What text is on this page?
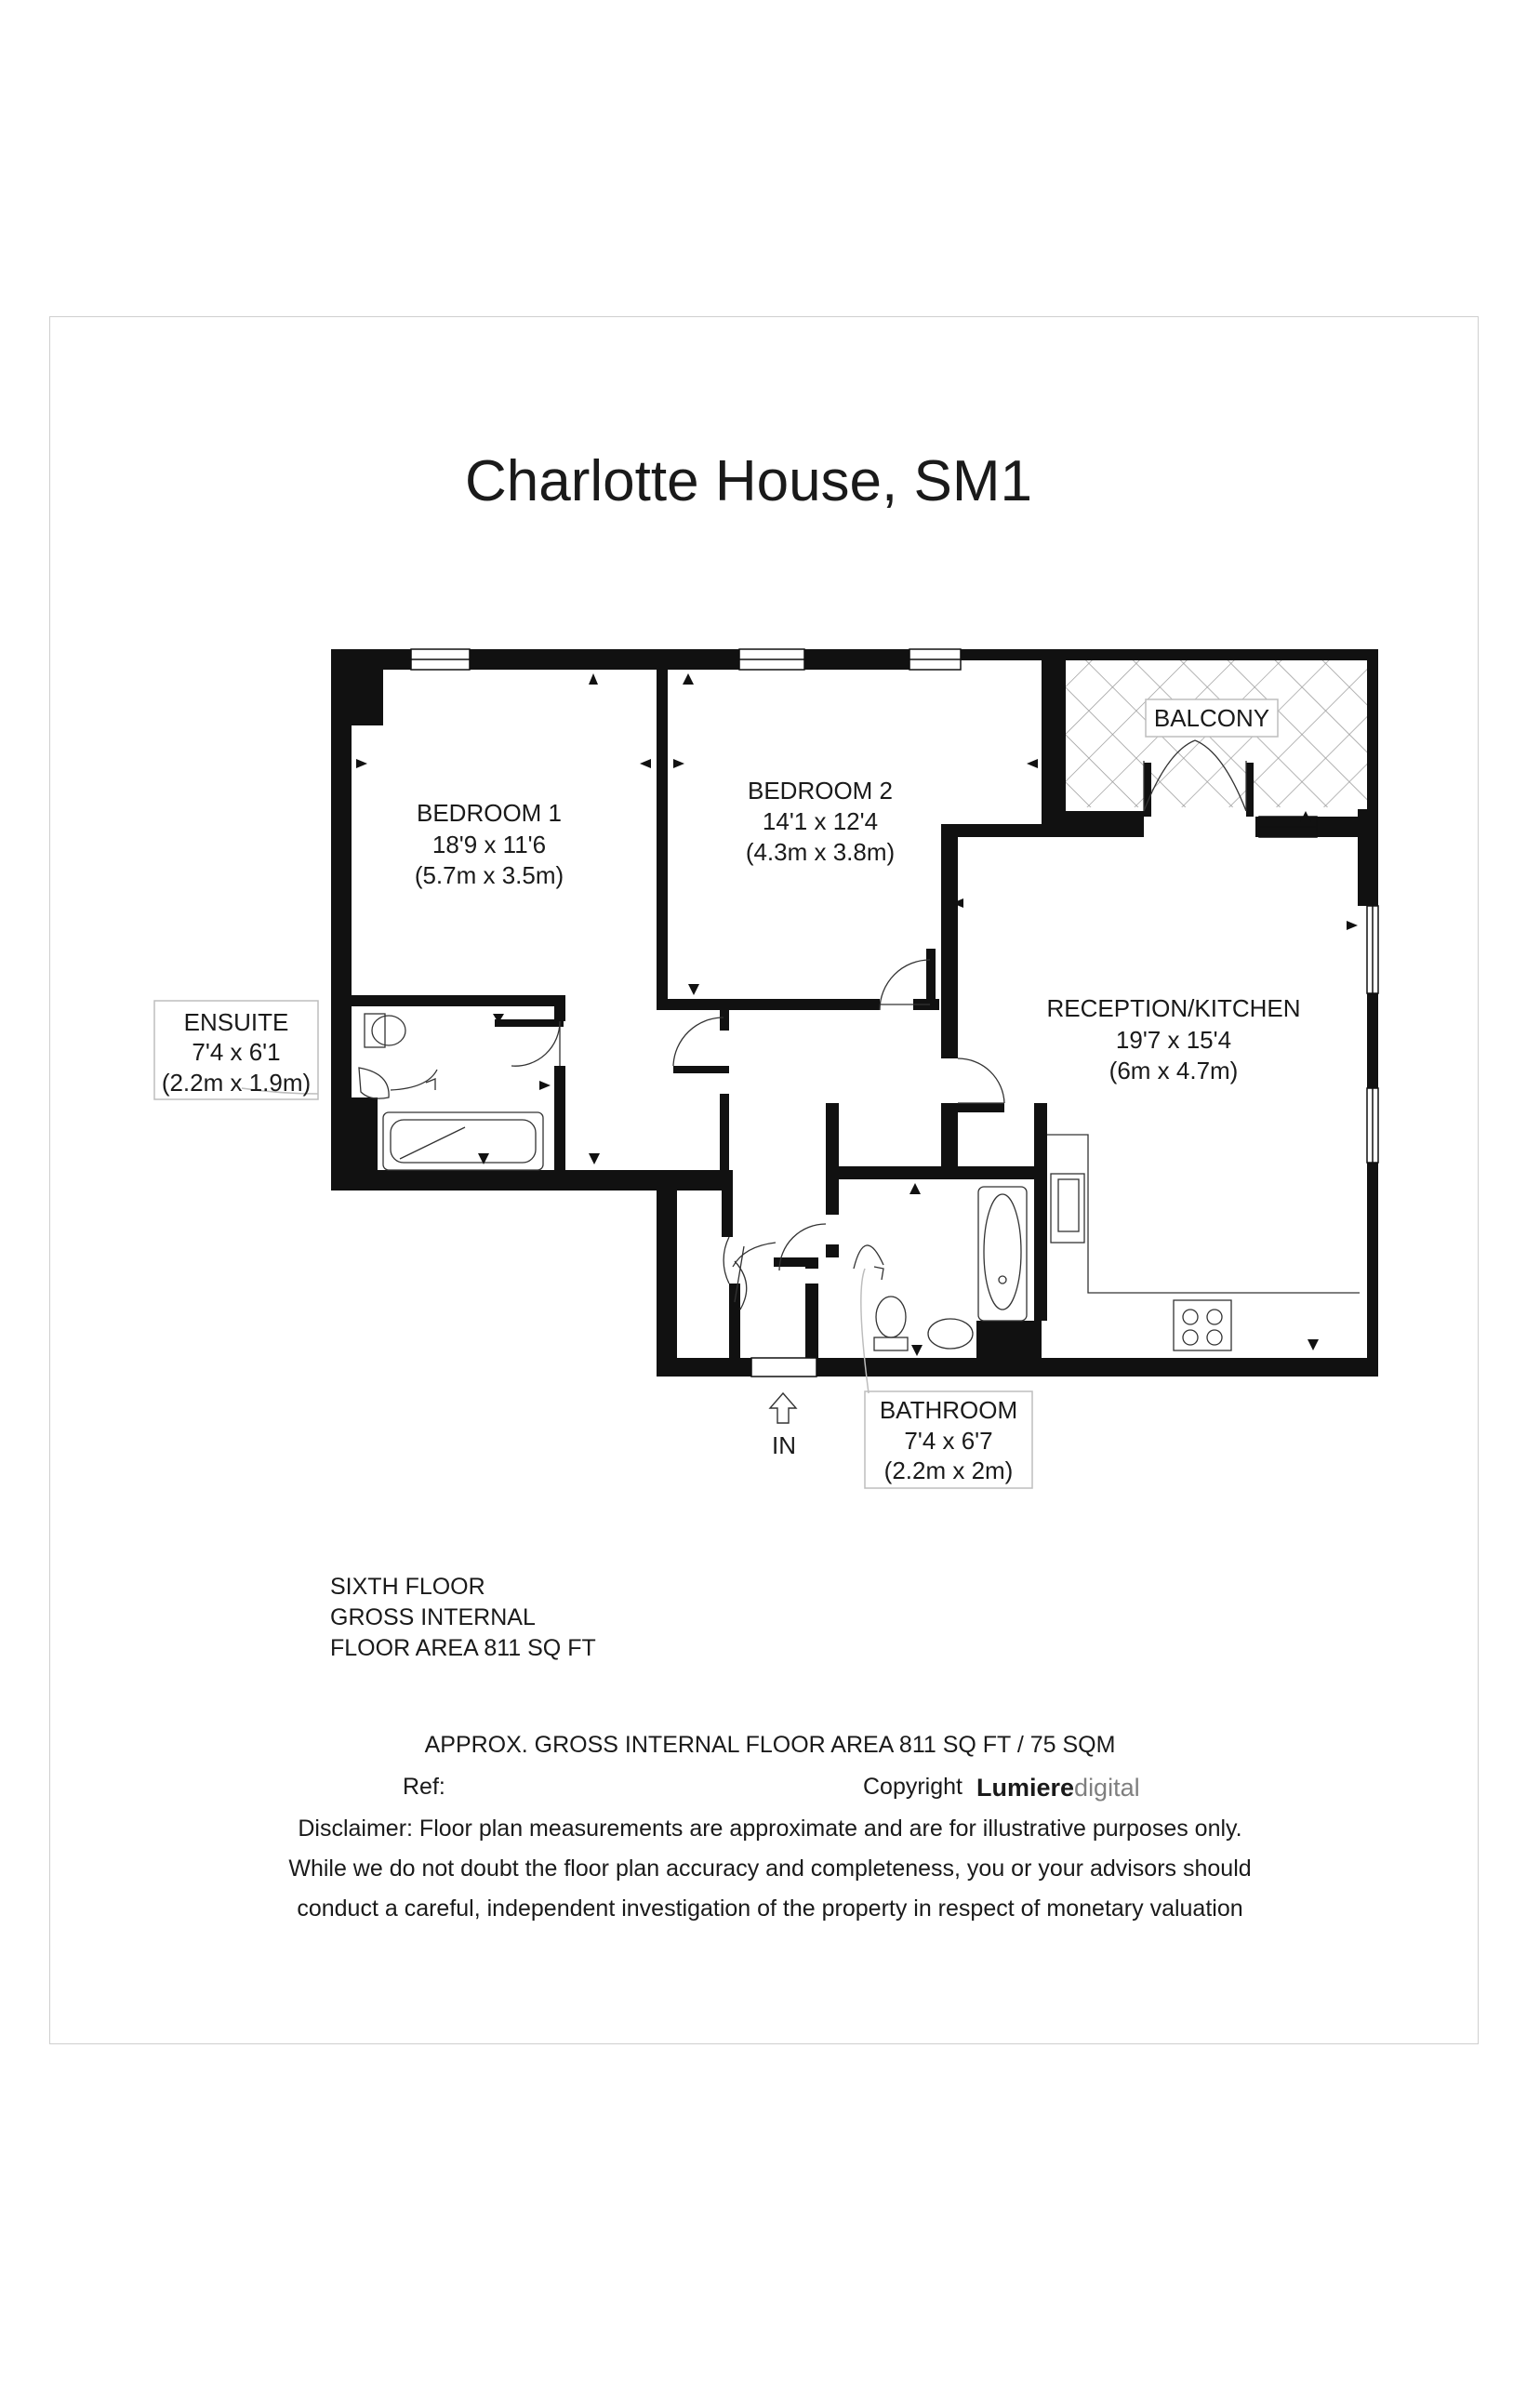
Charlotte House, SM1
BEDROOM 1
18'9 x 11'6
(5.7m x 3.5m)
BEDROOM 2
14'1 x 12'4
(4.3m x 3.8m)
BALCONY
RECEPTION/KITCHEN
19'7 x 15'4
(6m x 4.7m)
ENSUITE
7'4 x 6'1
(2.2m x 1.9m)
BATHROOM
7'4 x 6'7
(2.2m x 2m)
IN
SIXTH FLOOR
GROSS INTERNAL
FLOOR AREA 811 SQ FT
APPROX. GROSS INTERNAL FLOOR AREA 811 SQ FT / 75 SQM
Ref:	Copyright Lumieredigital
Disclaimer: Floor plan measurements are approximate and are for illustrative purposes only.
While we do not doubt the floor plan accuracy and completeness, you or your advisors should
conduct a careful, independent investigation of the property in respect of monetary valuation
